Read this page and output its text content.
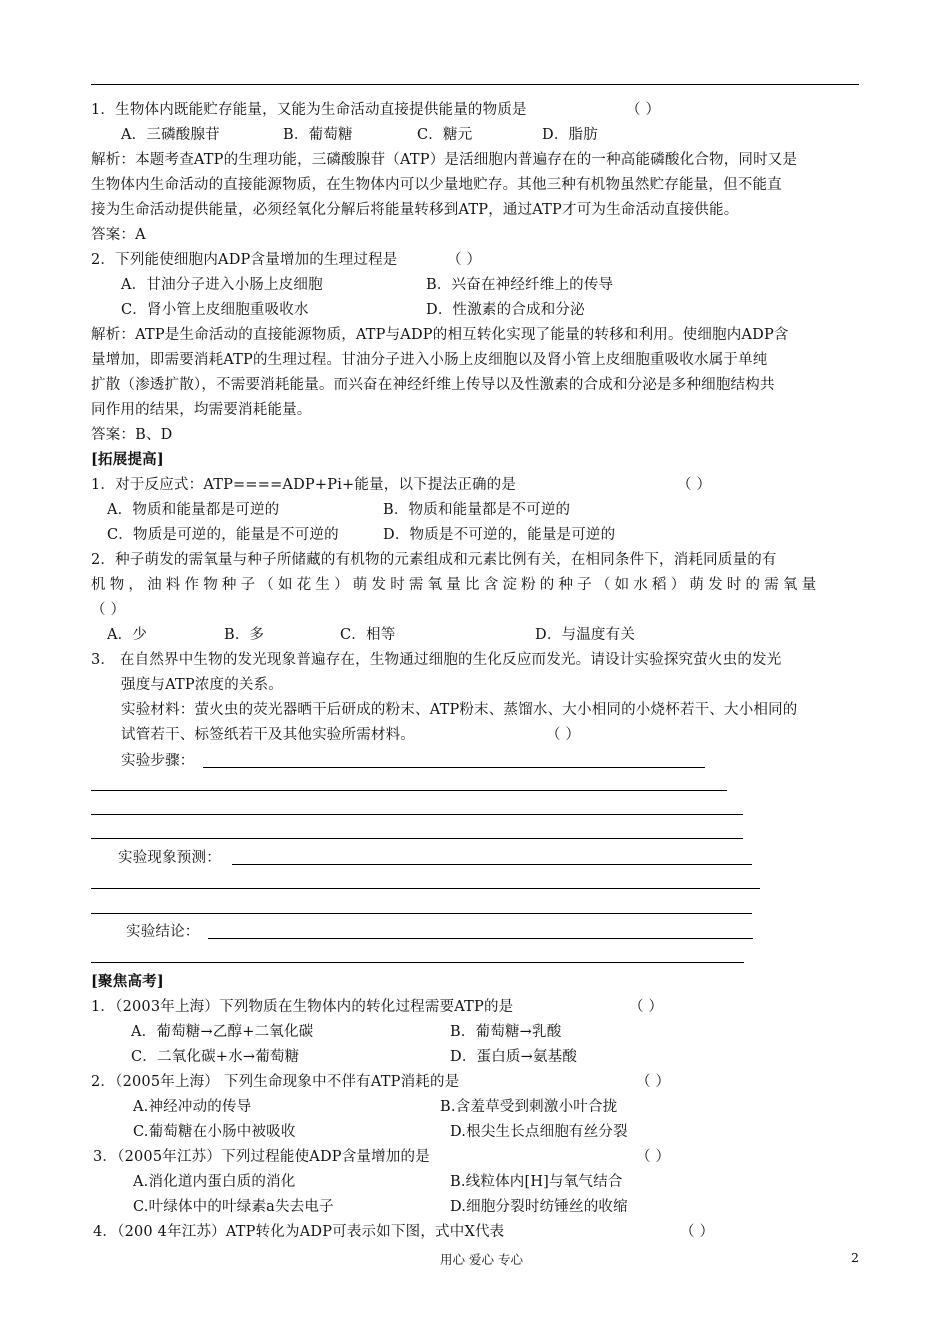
1．生物体内既能贮存能量，又能为生命活动直接提供能量的物质是	（ ）
A．三磷酸腺苷	B．葡萄糖	C．糖元	D．脂肪
解析：本题考查ATP的生理功能，三磷酸腺苷（ATP）是活细胞内普遍存在的一种高能磷酸化合物，同时又是
生物体内生命活动的直接能源物质，在生物体内可以少量地贮存。其他三种有机物虽然贮存能量，但不能直
接为生命活动提供能量，必须经氧化分解后将能量转移到ATP，通过ATP才可为生命活动直接供能。
答案：A
2．下列能使细胞内ADP含量增加的生理过程是	（ ）
A．甘油分子进入小肠上皮细胞	B．兴奋在神经纤维上的传导
C．肾小管上皮细胞重吸收水	D．性激素的合成和分泌
解析：ATP是生命活动的直接能源物质，ATP与ADP的相互转化实现了能量的转移和利用。使细胞内ADP含
量增加，即需要消耗ATP的生理过程。甘油分子进入小肠上皮细胞以及肾小管上皮细胞重吸收水属于单纯
扩散（渗透扩散），不需要消耗能量。而兴奋在神经纤维上传导以及性激素的合成和分泌是多种细胞结构共
同作用的结果，均需要消耗能量。
答案：B、D
[拓展提高]
1．对于反应式：ATP====ADP+Pi+能量，以下提法正确的是	（ ）
A．物质和能量都是可逆的	B．物质和能量都是不可逆的
C．物质是可逆的，能量是不可逆的	D．物质是不可逆的，能量是可逆的
2．种子萌发的需氧量与种子所储藏的有机物的元素组成和元素比例有关，在相同条件下，消耗同质量的有
机物，油料作物种子（如花生）萌发时需氧量比含淀粉的种子（如水稻）萌发时的需氧量
（ ）
A．少	B．多	C．相等	D．与温度有关
3． 在自然界中生物的发光现象普遍存在，生物通过细胞的生化反应而发光。请设计实验探究萤火虫的发光
强度与ATP浓度的关系。
实验材料：萤火虫的荧光器晒干后研成的粉末、ATP粉末、蒸馏水、大小相同的小烧杯若干、大小相同的
试管若干、标签纸若干及其他实验所需材料。	（ ）
实验步骤：
实验现象预测：
实验结论：
[聚焦高考]
1．（2003年上海）下列物质在生物体内的转化过程需要ATP的是	（ ）
A．葡萄糖→乙醇+二氧化碳	B．葡萄糖→乳酸
C．二氧化碳+水→葡萄糖	D．蛋白质→氨基酸
2．（2005年上海） 下列生命现象中不伴有ATP消耗的是	（ ）
A.神经冲动的传导	B.含羞草受到刺激小叶合拢
C.葡萄糖在小肠中被吸收	D.根尖生长点细胞有丝分裂
3．（2005年江苏）下列过程能使ADP含量增加的是	（ ）
A.消化道内蛋白质的消化	B.线粒体内[H]与氧气结合
C.叶绿体中的叶绿素a失去电子	D.细胞分裂时纺锤丝的收缩
4．（200 4年江苏）ATP转化为ADP可表示如下图，式中X代表	（ ）
用心 爱心 专心	2
